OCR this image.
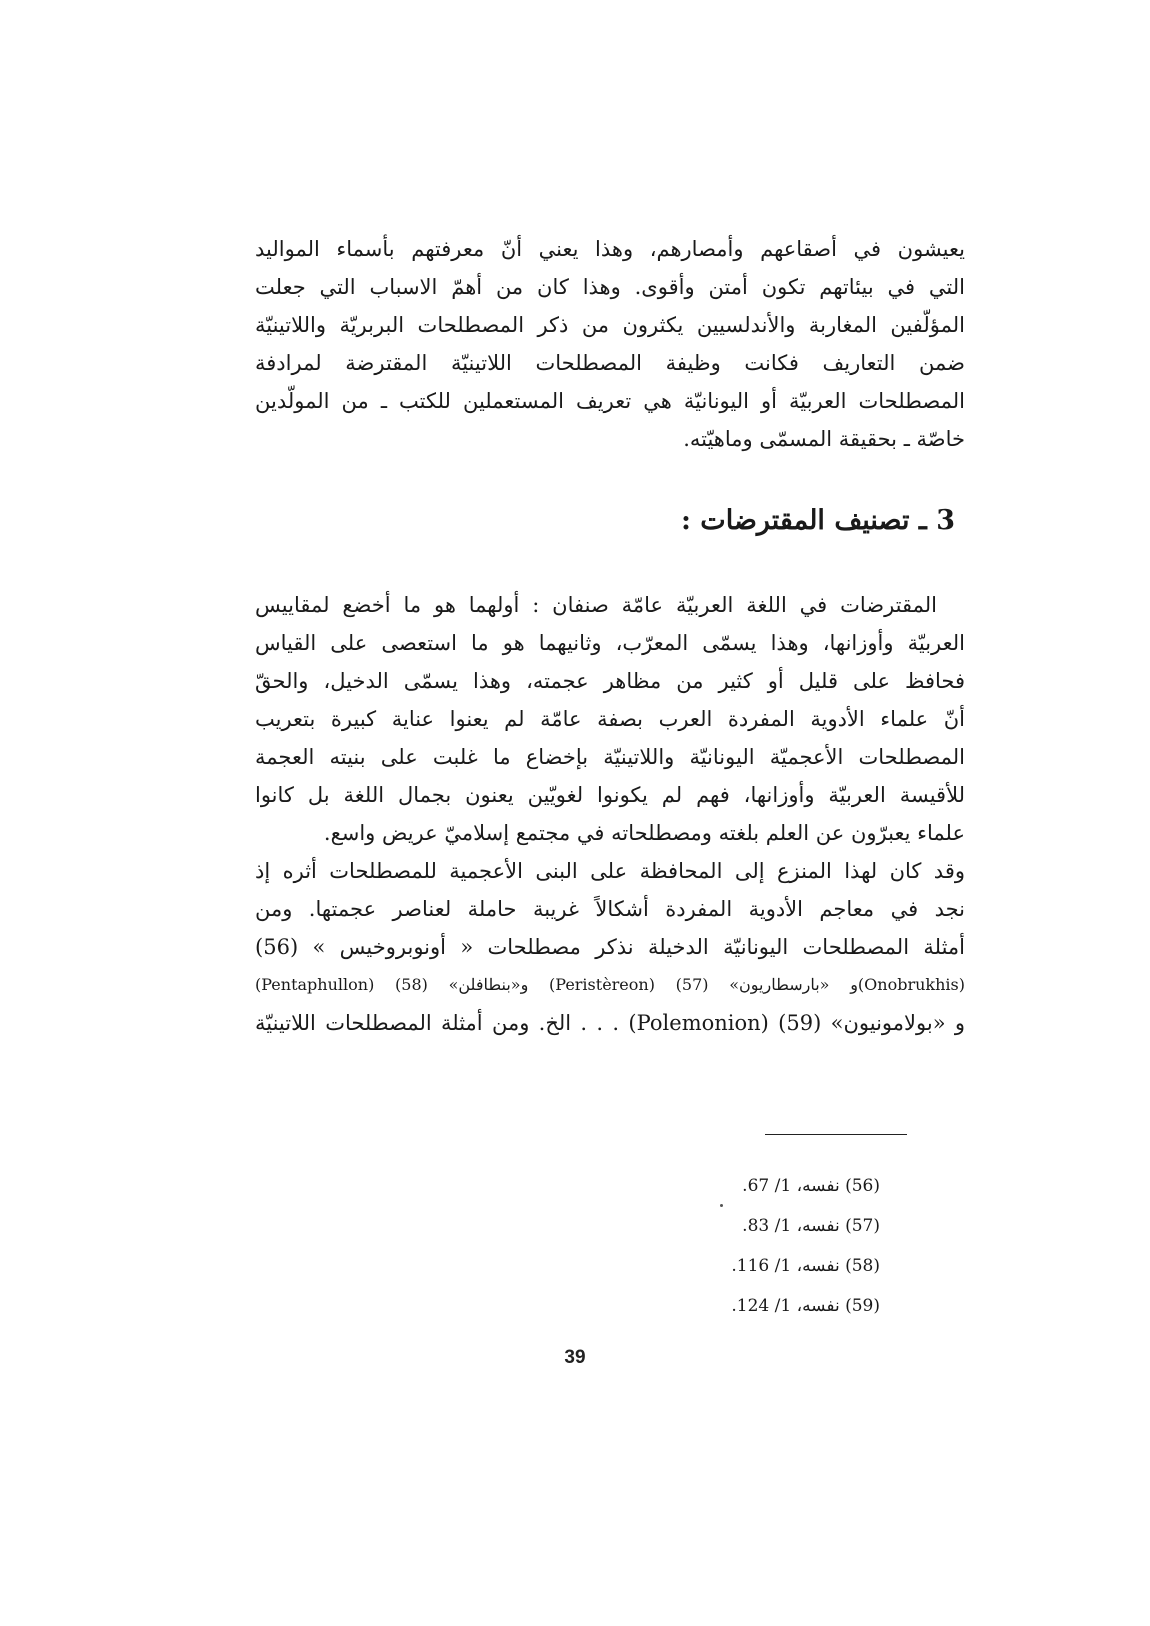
يعيشون في أصقاعهم وأمصارهم، وهذا يعني أنّ معرفتهم بأسماء المواليد
التي في بيئاتهم تكون أمتن وأقوى. وهذا كان من أهمّ الاسباب التي جعلت
المؤلّفين المغاربة والأندلسيين يكثرون من ذكر المصطلحات البربريّة واللاتينيّة
ضمن التعاريف فكانت وظيفة المصطلحات اللاتينيّة المقترضة لمرادفة
المصطلحات العربيّة أو اليونانيّة هي تعريف المستعملين للكتب ـ من المولّدين
خاصّة ـ بحقيقة المسمّى وماهيّته.
3 ـ تصنيف المقترضات :
المقترضات في اللغة العربيّة عامّة صنفان : أولهما هو ما أخضع لمقاييس
العربيّة وأوزانها، وهذا يسمّى المعرّب، وثانيهما هو ما استعصى على القياس
فحافظ على قليل أو كثير من مظاهر عجمته، وهذا يسمّى الدخيل، والحقّ
أنّ علماء الأدوية المفردة العرب بصفة عامّة لم يعنوا عناية كبيرة بتعريب
المصطلحات الأعجميّة اليونانيّة واللاتينيّة بإخضاع ما غلبت على بنيته العجمة
للأقيسة العربيّة وأوزانها، فهم لم يكونوا لغويّين يعنون بجمال اللغة بل كانوا
علماء يعبرّون عن العلم بلغته ومصطلحاته في مجتمع إسلاميّ عريض واسع.
وقد كان لهذا المنزع إلى المحافظة على البنى الأعجمية للمصطلحات أثره إذ
نجد في معاجم الأدوية المفردة أشكالاً غريبة حاملة لعناصر عجمتها. ومن
أمثلة المصطلحات اليونانيّة الدخيلة نذكر مصطلحات « أونوبروخيس » (56)
(Onobrukhis)و «بارسطاريون» (57) (Peristèreon) و«بنطافلن» (58) (Pentaphullon)
و «بولامونيون» (59) (Polemonion) . . . الخ. ومن أمثلة المصطلحات اللاتينيّة
(56) نفسه، 1/ 67.
(57) نفسه، 1/ 83.
(58) نفسه، 1/ 116.
(59) نفسه، 1/ 124.
39
